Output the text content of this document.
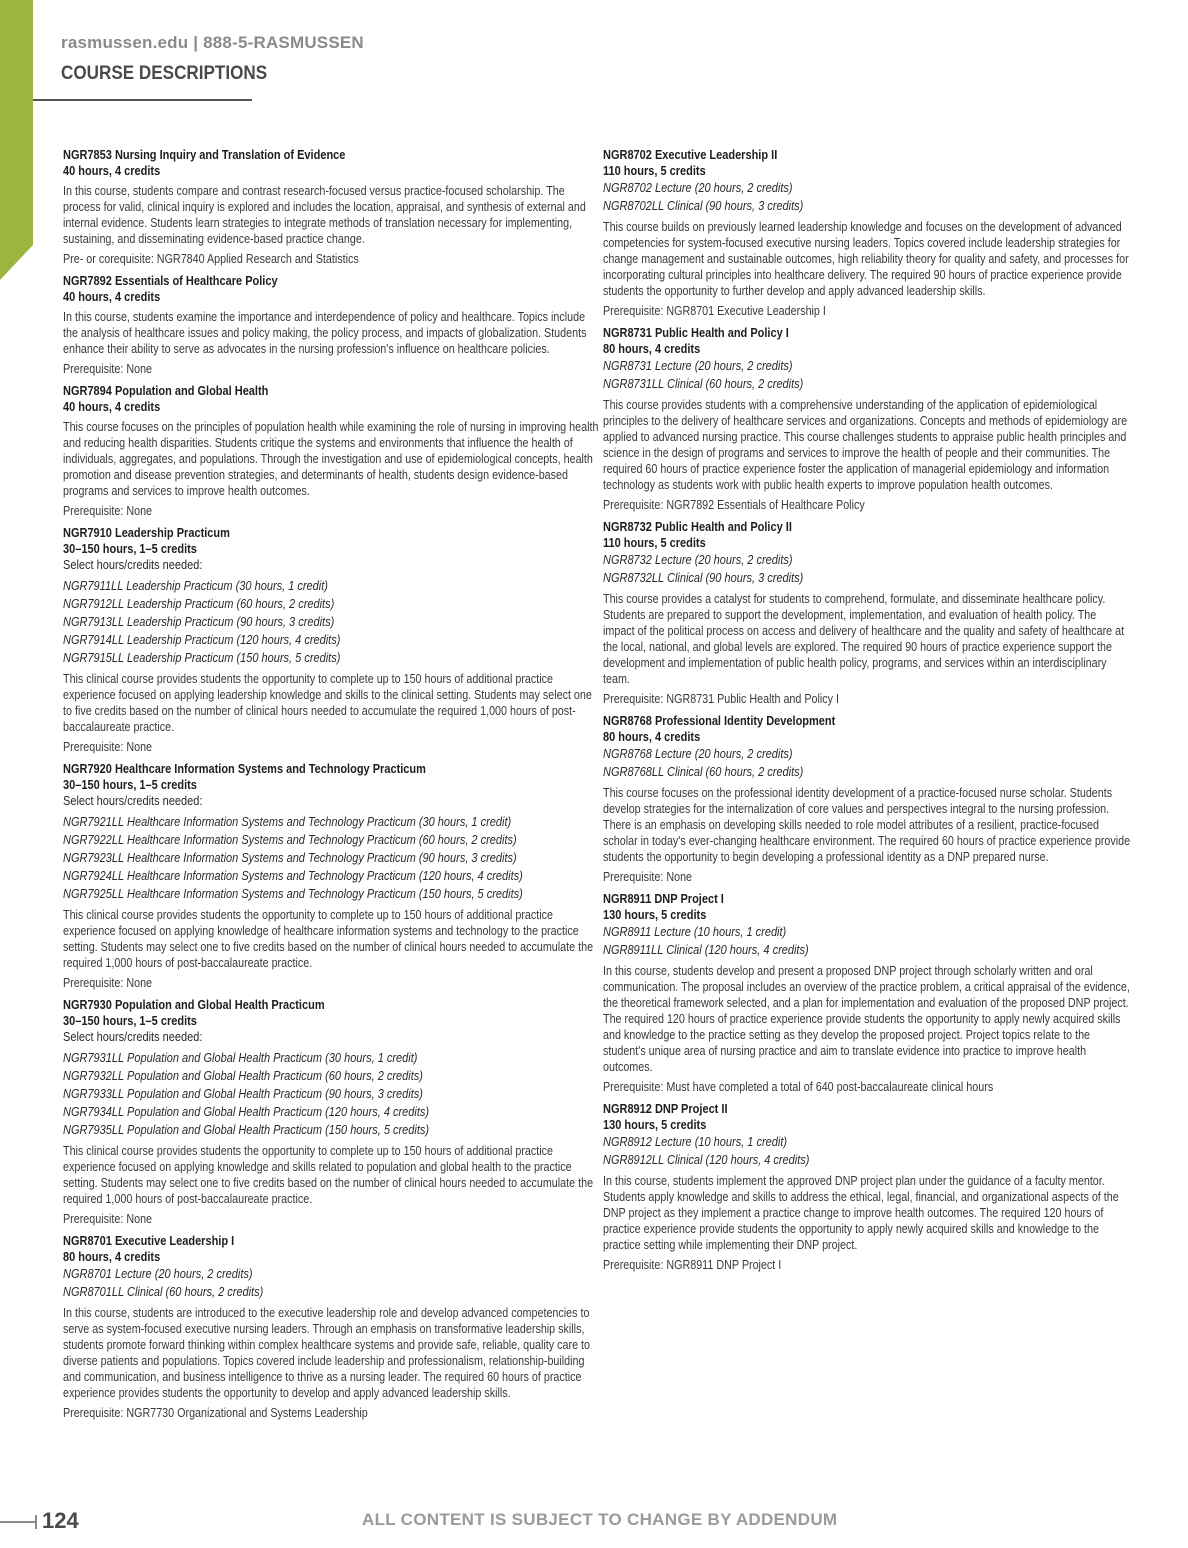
rasmussen.edu | 888-5-RASMUSSEN
COURSE DESCRIPTIONS
NGR7853 Nursing Inquiry and Translation of Evidence
40 hours, 4 credits
In this course, students compare and contrast research-focused versus practice-focused scholarship. The process for valid, clinical inquiry is explored and includes the location, appraisal, and synthesis of external and internal evidence. Students learn strategies to integrate methods of translation necessary for implementing, sustaining, and disseminating evidence-based practice change.
Pre- or corequisite: NGR7840 Applied Research and Statistics
NGR7892 Essentials of Healthcare Policy
40 hours, 4 credits
In this course, students examine the importance and interdependence of policy and healthcare. Topics include the analysis of healthcare issues and policy making, the policy process, and impacts of globalization. Students enhance their ability to serve as advocates in the nursing profession's influence on healthcare policies.
Prerequisite: None
NGR7894 Population and Global Health
40 hours, 4 credits
This course focuses on the principles of population health while examining the role of nursing in improving health and reducing health disparities. Students critique the systems and environments that influence the health of individuals, aggregates, and populations. Through the investigation and use of epidemiological concepts, health promotion and disease prevention strategies, and determinants of health, students design evidence-based programs and services to improve health outcomes.
Prerequisite: None
NGR7910 Leadership Practicum
30–150 hours, 1–5 credits
Select hours/credits needed:
NGR7911LL Leadership Practicum (30 hours, 1 credit)
NGR7912LL Leadership Practicum (60 hours, 2 credits)
NGR7913LL Leadership Practicum (90 hours, 3 credits)
NGR7914LL Leadership Practicum (120 hours, 4 credits)
NGR7915LL Leadership Practicum (150 hours, 5 credits)
This clinical course provides students the opportunity to complete up to 150 hours of additional practice experience focused on applying leadership knowledge and skills to the clinical setting. Students may select one to five credits based on the number of clinical hours needed to accumulate the required 1,000 hours of post-baccalaureate practice.
Prerequisite: None
NGR7920 Healthcare Information Systems and Technology Practicum
30–150 hours, 1–5 credits
Select hours/credits needed:
NGR7921LL Healthcare Information Systems and Technology Practicum (30 hours, 1 credit)
NGR7922LL Healthcare Information Systems and Technology Practicum (60 hours, 2 credits)
NGR7923LL Healthcare Information Systems and Technology Practicum (90 hours, 3 credits)
NGR7924LL Healthcare Information Systems and Technology Practicum (120 hours, 4 credits)
NGR7925LL Healthcare Information Systems and Technology Practicum (150 hours, 5 credits)
This clinical course provides students the opportunity to complete up to 150 hours of additional practice experience focused on applying knowledge of healthcare information systems and technology to the practice setting. Students may select one to five credits based on the number of clinical hours needed to accumulate the required 1,000 hours of post-baccalaureate practice.
Prerequisite: None
NGR7930 Population and Global Health Practicum
30–150 hours, 1–5 credits
Select hours/credits needed:
NGR7931LL Population and Global Health Practicum (30 hours, 1 credit)
NGR7932LL Population and Global Health Practicum (60 hours, 2 credits)
NGR7933LL Population and Global Health Practicum (90 hours, 3 credits)
NGR7934LL Population and Global Health Practicum (120 hours, 4 credits)
NGR7935LL Population and Global Health Practicum (150 hours, 5 credits)
This clinical course provides students the opportunity to complete up to 150 hours of additional practice experience focused on applying knowledge and skills related to population and global health to the practice setting. Students may select one to five credits based on the number of clinical hours needed to accumulate the required 1,000 hours of post-baccalaureate practice.
Prerequisite: None
NGR8701 Executive Leadership I
80 hours, 4 credits
NGR8701 Lecture (20 hours, 2 credits)
NGR8701LL Clinical (60 hours, 2 credits)
In this course, students are introduced to the executive leadership role and develop advanced competencies to serve as system-focused executive nursing leaders. Through an emphasis on transformative leadership skills, students promote forward thinking within complex healthcare systems and provide safe, reliable, quality care to diverse patients and populations. Topics covered include leadership and professionalism, relationship-building and communication, and business intelligence to thrive as a nursing leader. The required 60 hours of practice experience provides students the opportunity to develop and apply advanced leadership skills.
Prerequisite: NGR7730 Organizational and Systems Leadership
NGR8702 Executive Leadership II
110 hours, 5 credits
NGR8702 Lecture (20 hours, 2 credits)
NGR8702LL Clinical (90 hours, 3 credits)
This course builds on previously learned leadership knowledge and focuses on the development of advanced competencies for system-focused executive nursing leaders. Topics covered include leadership strategies for change management and sustainable outcomes, high reliability theory for quality and safety, and processes for incorporating cultural principles into healthcare delivery. The required 90 hours of practice experience provide students the opportunity to further develop and apply advanced leadership skills.
Prerequisite: NGR8701 Executive Leadership I
NGR8731 Public Health and Policy I
80 hours, 4 credits
NGR8731 Lecture (20 hours, 2 credits)
NGR8731LL Clinical (60 hours, 2 credits)
This course provides students with a comprehensive understanding of the application of epidemiological principles to the delivery of healthcare services and organizations. Concepts and methods of epidemiology are applied to advanced nursing practice. This course challenges students to appraise public health principles and science in the design of programs and services to improve the health of people and their communities. The required 60 hours of practice experience foster the application of managerial epidemiology and information technology as students work with public health experts to improve population health outcomes.
Prerequisite: NGR7892 Essentials of Healthcare Policy
NGR8732 Public Health and Policy II
110 hours, 5 credits
NGR8732 Lecture (20 hours, 2 credits)
NGR8732LL Clinical (90 hours, 3 credits)
This course provides a catalyst for students to comprehend, formulate, and disseminate healthcare policy. Students are prepared to support the development, implementation, and evaluation of health policy. The impact of the political process on access and delivery of healthcare and the quality and safety of healthcare at the local, national, and global levels are explored. The required 90 hours of practice experience support the development and implementation of public health policy, programs, and services within an interdisciplinary team.
Prerequisite: NGR8731 Public Health and Policy I
NGR8768 Professional Identity Development
80 hours, 4 credits
NGR8768 Lecture (20 hours, 2 credits)
NGR8768LL Clinical (60 hours, 2 credits)
This course focuses on the professional identity development of a practice-focused nurse scholar. Students develop strategies for the internalization of core values and perspectives integral to the nursing profession. There is an emphasis on developing skills needed to role model attributes of a resilient, practice-focused scholar in today's ever-changing healthcare environment. The required 60 hours of practice experience provide students the opportunity to begin developing a professional identity as a DNP prepared nurse.
Prerequisite: None
NGR8911 DNP Project I
130 hours, 5 credits
NGR8911 Lecture (10 hours, 1 credit)
NGR8911LL Clinical (120 hours, 4 credits)
In this course, students develop and present a proposed DNP project through scholarly written and oral communication. The proposal includes an overview of the practice problem, a critical appraisal of the evidence, the theoretical framework selected, and a plan for implementation and evaluation of the proposed DNP project. The required 120 hours of practice experience provide students the opportunity to apply newly acquired skills and knowledge to the practice setting as they develop the proposed project. Project topics relate to the student's unique area of nursing practice and aim to translate evidence into practice to improve health outcomes.
Prerequisite: Must have completed a total of 640 post-baccalaureate clinical hours
NGR8912 DNP Project II
130 hours, 5 credits
NGR8912 Lecture (10 hours, 1 credit)
NGR8912LL Clinical (120 hours, 4 credits)
In this course, students implement the approved DNP project plan under the guidance of a faculty mentor. Students apply knowledge and skills to address the ethical, legal, financial, and organizational aspects of the DNP project as they implement a practice change to improve health outcomes. The required 120 hours of practice experience provide students the opportunity to apply newly acquired skills and knowledge to the practice setting while implementing their DNP project.
Prerequisite: NGR8911 DNP Project I
124	ALL CONTENT IS SUBJECT TO CHANGE BY ADDENDUM
